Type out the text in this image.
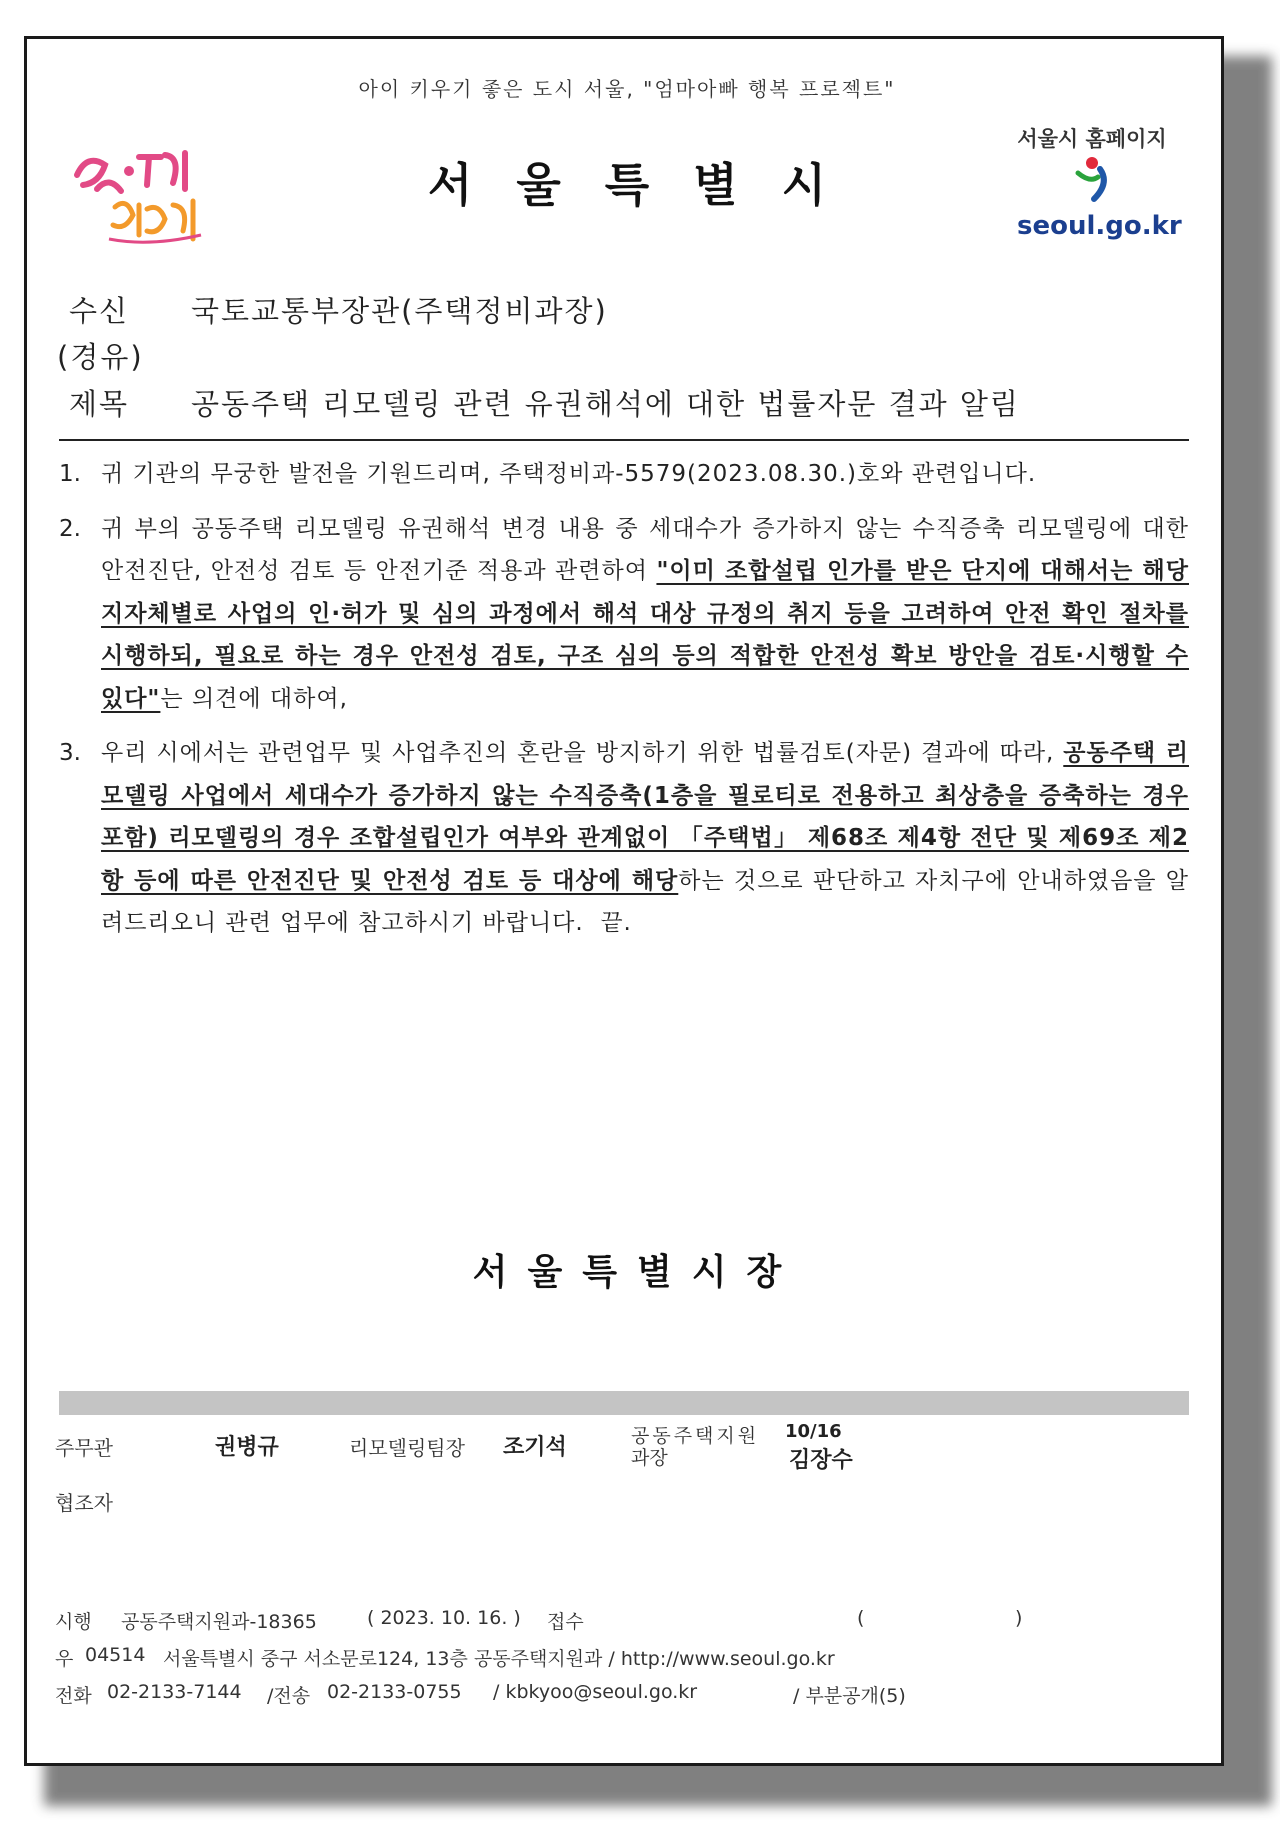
아이 키우기 좋은 도시 서울, "엄마아빠 행복 프로젝트"
서울특별시
서울시 홈페이지
seoul.go.kr
수신 국토교통부장관(주택정비과장)
(경유)
제목 공동주택 리모델링 관련 유권해석에 대한 법률자문 결과 알림
1. 귀 기관의 무궁한 발전을 기원드리며, 주택정비과-5579(2023.08.30.)호와 관련입니다.
2. 귀 부의 공동주택 리모델링 유권해석 변경 내용 중 세대수가 증가하지 않는 수직증축 리모델링에 대한 안전진단, 안전성 검토 등 안전기준 적용과 관련하여 "이미 조합설립 인가를 받은 단지에 대해서는 해당 지자체별로 사업의 인·허가 및 심의 과정에서 해석 대상 규정의 취지 등을 고려하여 안전 확인 절차를 시행하되, 필요로 하는 경우 안전성 검토, 구조 심의 등의 적합한 안전성 확보 방안을 검토·시행할 수 있다"는 의견에 대하여,
3. 우리 시에서는 관련업무 및 사업추진의 혼란을 방지하기 위한 법률검토(자문) 결과에 따라, 공동주택 리모델링 사업에서 세대수가 증가하지 않는 수직증축(1층을 필로티로 전용하고 최상층을 증축하는 경우 포함) 리모델링의 경우 조합설립인가 여부와 관계없이 「주택법」 제68조 제4항 전단 및 제69조 제2항 등에 따른 안전진단 및 안전성 검토 등 대상에 해당하는 것으로 판단하고 자치구에 안내하였음을 알려드리오니 관련 업무에 참고하시기 바랍니다. 끝.
서울특별시장
주무관	권병규	리모델링팀장 조기석	공동주택지원
과장
10/16
김장수
협조자
시행 공동주택지원과-18365	( 2023. 10. 16. ) 접수	(	)
우 04514 서울특별시 중구 서소문로124, 13층 공동주택지원과 / http://www.seoul.go.kr
전화 02-2133-7144 /전송 02-2133-0755 / kbkyoo@seoul.go.kr	/ 부분공개(5)
